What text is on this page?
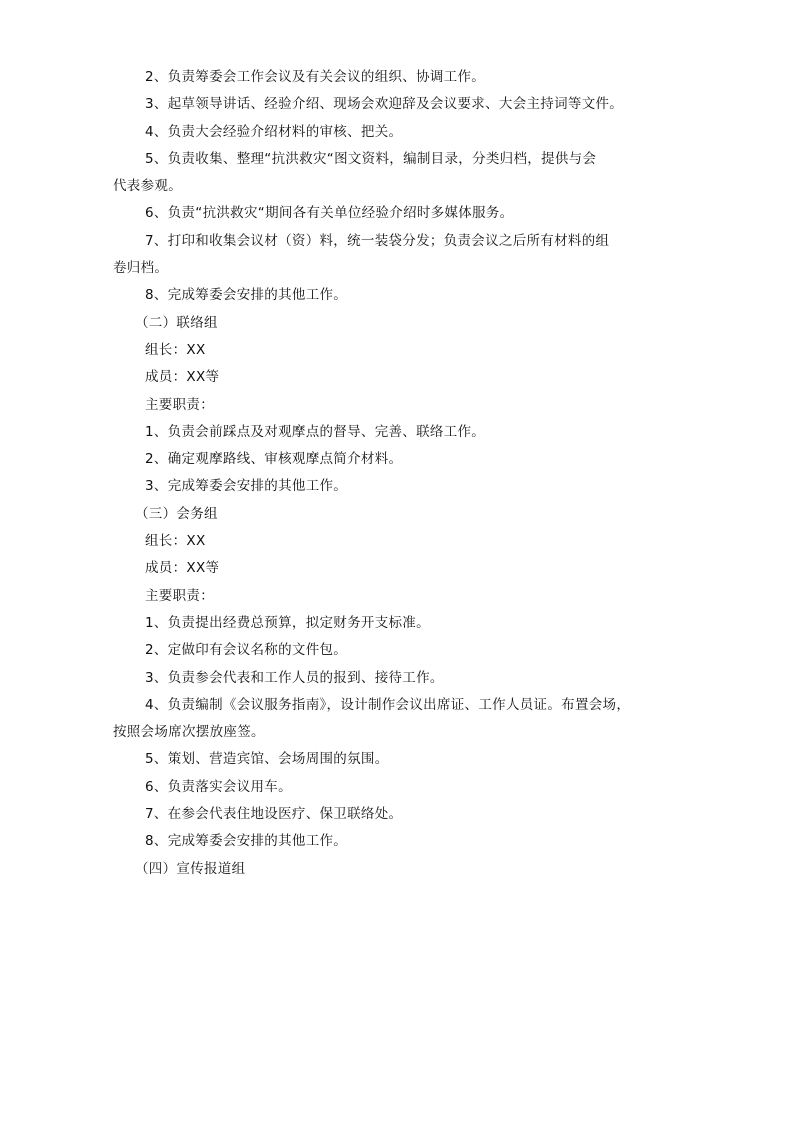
2、负责筹委会工作会议及有关会议的组织、协调工作。
3、起草领导讲话、经验介绍、现场会欢迎辞及会议要求、大会主持词等文件。
4、负责大会经验介绍材料的审核、把关。
5、负责收集、整理“抗洪救灾“图文资料，编制目录，分类归档，提供与会
代表参观。
6、负责“抗洪救灾“期间各有关单位经验介绍时多媒体服务。
7、打印和收集会议材（资）料，统一装袋分发；负责会议之后所有材料的组
卷归档。
8、完成筹委会安排的其他工作。
（二）联络组
组长：XX
成员：XX等
主要职责：
1、负责会前踩点及对观摩点的督导、完善、联络工作。
2、确定观摩路线、审核观摩点简介材料。
3、完成筹委会安排的其他工作。
（三）会务组
组长：XX
成员：XX等
主要职责：
1、负责提出经费总预算，拟定财务开支标准。
2、定做印有会议名称的文件包。
3、负责参会代表和工作人员的报到、接待工作。
4、负责编制《会议服务指南》，设计制作会议出席证、工作人员证。布置会场，
按照会场席次摆放座签。
5、策划、营造宾馆、会场周围的氛围。
6、负责落实会议用车。
7、在参会代表住地设医疗、保卫联络处。
8、完成筹委会安排的其他工作。
（四）宣传报道组
